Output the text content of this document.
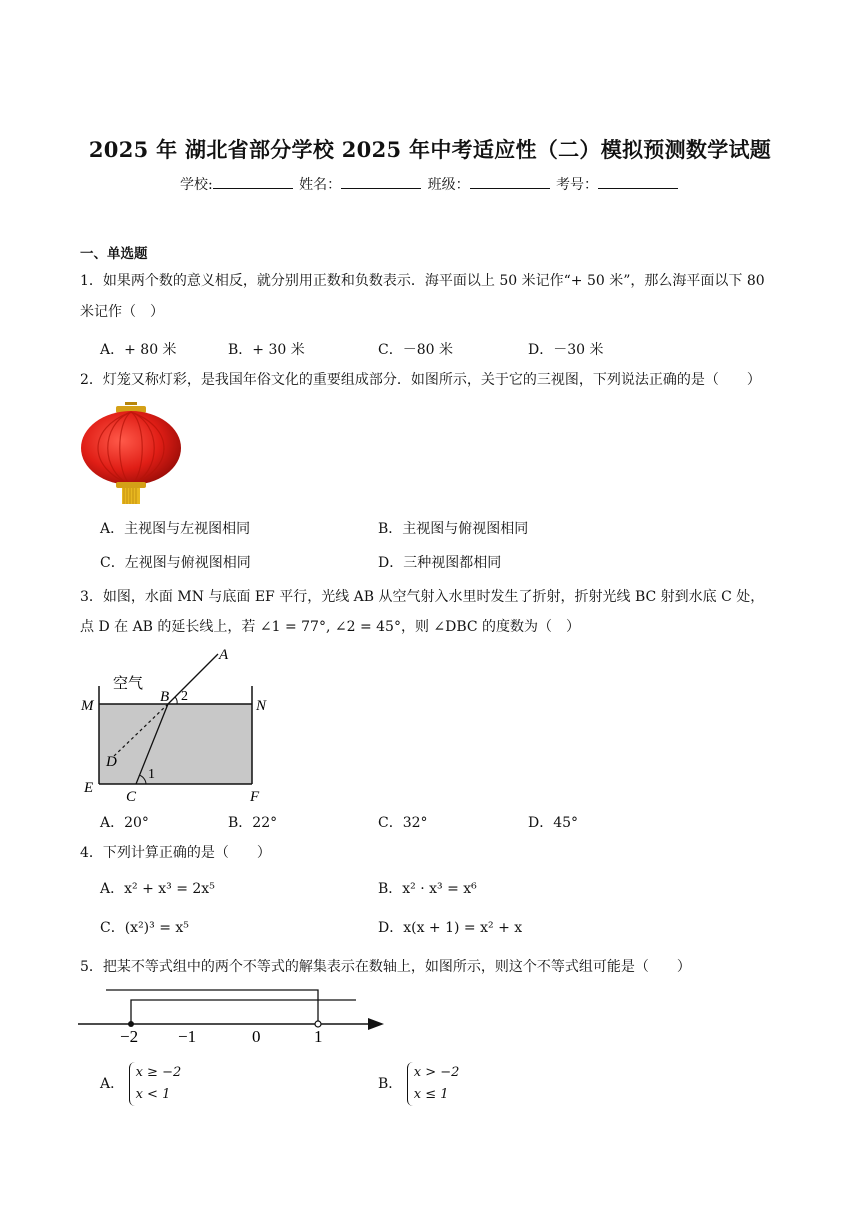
2025 年 湖北省部分学校 2025 年中考适应性（二）模拟预测数学试题
学校:	姓名：	班级：	考号：
一、单选题
1．如果两个数的意义相反，就分别用正数和负数表示．海平面以上 50 米记作“+ 50 米”，那么海平面以下 80
米记作（　）
A．+ 80 米	B．+ 30 米	C．－80 米	D．－30 米
2．灯笼又称灯彩，是我国年俗文化的重要组成部分．如图所示，关于它的三视图，下列说法正确的是（　　）
A．主视图与左视图相同	B．主视图与俯视图相同
C．左视图与俯视图相同	D．三种视图都相同
3．如图，水面 MN 与底面 EF 平行，光线 AB 从空气射入水里时发生了折射，折射光线 BC 射到水底 C 处，
点 D 在 AB 的延长线上，若 ∠1 = 77°, ∠2 = 45°，则 ∠DBC 的度数为（　）
空气
A
B 2
M	N
D
1
E
C	F
A．20°	B．22°	C．32°	D．45°
4．下列计算正确的是（　　）
A．x² + x³ = 2x⁵	B．x² · x³ = x⁶
C．(x²)³ = x⁵	D．x(x + 1) = x² + x
5．把某不等式组中的两个不等式的解集表示在数轴上，如图所示，则这个不等式组可能是（　　）
−2 −1	0	1
A．
x ≥ −2
x < 1
B．
x > −2
x ≤ 1
